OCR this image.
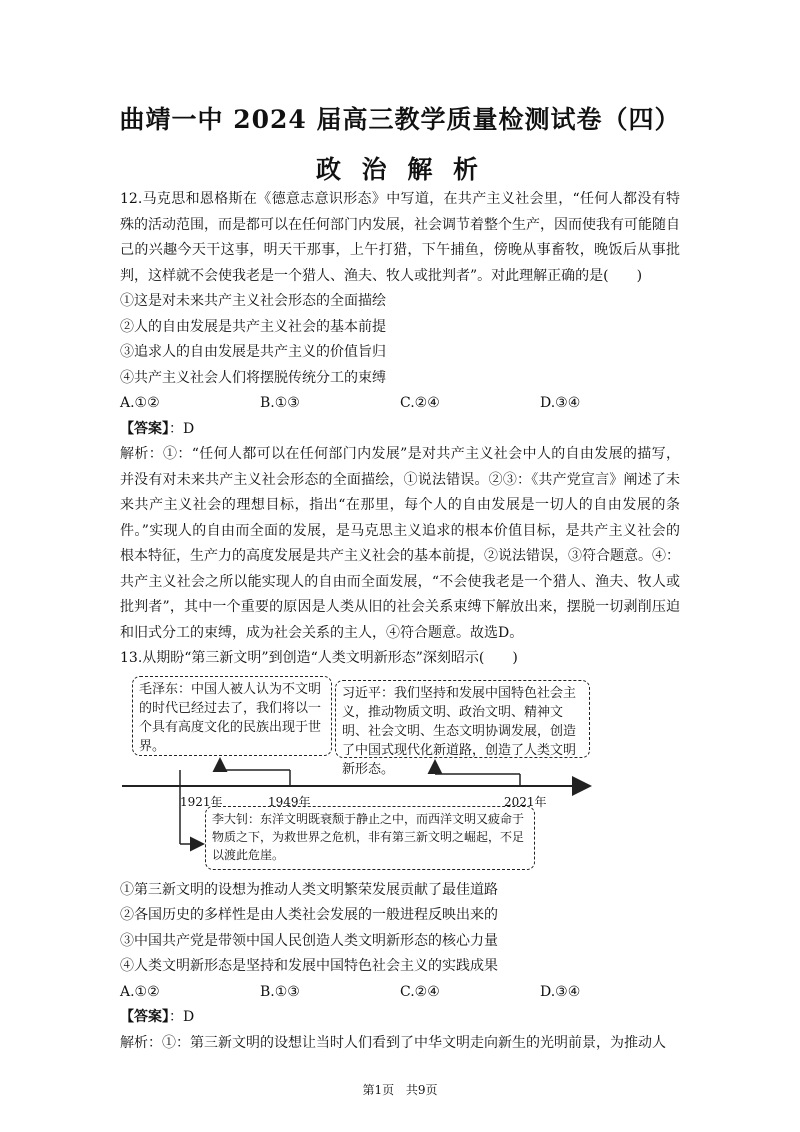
曲靖一中 2024 届高三教学质量检测试卷（四）
政 治 解 析

12.马克思和恩格斯在《德意志意识形态》中写道，在共产主义社会里，“任何人都没有特殊的活动范围，而是都可以在任何部门内发展，社会调节着整个生产，因而使我有可能随自己的兴趣今天干这事，明天干那事，上午打猎，下午捕鱼，傍晚从事畜牧，晚饭后从事批判，这样就不会使我老是一个猎人、渔夫、牧人或批判者”。对此理解正确的是(　　)

①这是对未来共产主义社会形态的全面描绘

②人的自由发展是共产主义社会的基本前提

③追求人的自由发展是共产主义的价值旨归

④共产主义社会人们将摆脱传统分工的束缚

A.①②	B.①③	C.②④	D.③④

【答案】：D

解析：①：“任何人都可以在任何部门内发展”是对共产主义社会中人的自由发展的描写，并没有对未来共产主义社会形态的全面描绘，①说法错误。②③：《共产党宣言》阐述了未来共产主义社会的理想目标，指出“在那里，每个人的自由发展是一切人的自由发展的条件。”实现人的自由而全面的发展，是马克思主义追求的根本价值目标，是共产主义社会的根本特征，生产力的高度发展是共产主义社会的基本前提，②说法错误，③符合题意。④：共产主义社会之所以能实现人的自由而全面发展，“不会使我老是一个猎人、渔夫、牧人或批判者”，其中一个重要的原因是人类从旧的社会关系束缚下解放出来，摆脱一切剥削压迫和旧式分工的束缚，成为社会关系的主人，④符合题意。故选D。

13.从期盼“第三新文明”到创造“人类文明新形态”深刻昭示(　　)

毛泽东：中国人被人认为不文明的时代已经过去了，我们将以一个具有高度文化的民族出现于世界。
习近平：我们坚持和发展中国特色社会主义，推动物质文明、政治文明、精神文明、社会文明、生态文明协调发展，创造了中国式现代化新道路，创造了人类文明新形态。
李大钊：东洋文明既衰颓于静止之中，而西洋文明又疲命于物质之下，为救世界之危机，非有第三新文明之崛起，不足以渡此危崖。
1921年	1949年	2021年

①第三新文明的设想为推动人类文明繁荣发展贡献了最佳道路

②各国历史的多样性是由人类社会发展的一般进程反映出来的

③中国共产党是带领中国人民创造人类文明新形态的核心力量

④人类文明新形态是坚持和发展中国特色社会主义的实践成果

A.①②	B.①③	C.②④	D.③④

【答案】：D

解析：①：第三新文明的设想让当时人们看到了中华文明走向新生的光明前景，为推动人

第1页 共9页
